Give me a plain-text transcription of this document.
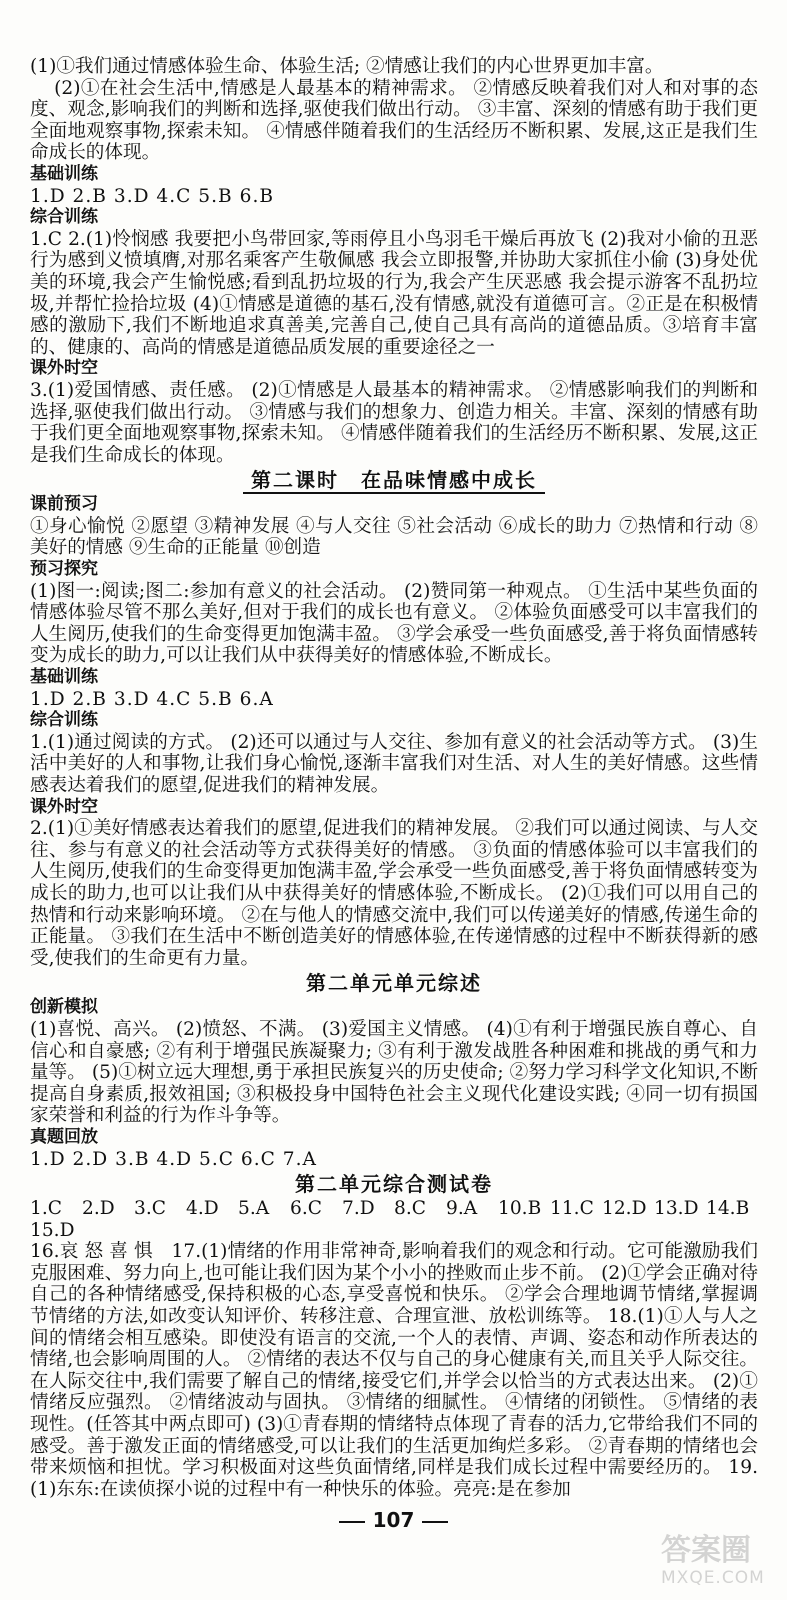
(1)①我们通过情感体验生命、体验生活; ②情感让我们的内心世界更加丰富。

(2)①在社会生活中,情感是人最基本的精神需求。 ②情感反映着我们对人和对事的态度、观念,影响我们的判断和选择,驱使我们做出行动。 ③丰富、深刻的情感有助于我们更全面地观察事物,探索未知。 ④情感伴随着我们的生活经历不断积累、发展,这正是我们生命成长的体现。

基础训练

1.D 2.B 3.D 4.C 5.B 6.B

综合训练

1.C 2.(1)怜悯感 我要把小鸟带回家,等雨停且小鸟羽毛干燥后再放飞 (2)我对小偷的丑恶行为感到义愤填膺,对那名乘客产生敬佩感 我会立即报警,并协助大家抓住小偷 (3)身处优美的环境,我会产生愉悦感;看到乱扔垃圾的行为,我会产生厌恶感 我会提示游客不乱扔垃圾,并帮忙捡拾垃圾 (4)①情感是道德的基石,没有情感,就没有道德可言。②正是在积极情感的激励下,我们不断地追求真善美,完善自己,使自己具有高尚的道德品质。③培育丰富的、健康的、高尚的情感是道德品质发展的重要途径之一

课外时空

3.(1)爱国情感、责任感。 (2)①情感是人最基本的精神需求。 ②情感影响我们的判断和选择,驱使我们做出行动。 ③情感与我们的想象力、创造力相关。丰富、深刻的情感有助于我们更全面地观察事物,探索未知。 ④情感伴随着我们的生活经历不断积累、发展,这正是我们生命成长的体现。

第二课时　在品味情感中成长
课前预习

①身心愉悦 ②愿望 ③精神发展 ④与人交往 ⑤社会活动 ⑥成长的助力 ⑦热情和行动 ⑧美好的情感 ⑨生命的正能量 ⑩创造

预习探究

(1)图一:阅读;图二:参加有意义的社会活动。 (2)赞同第一种观点。 ①生活中某些负面的情感体验尽管不那么美好,但对于我们的成长也有意义。 ②体验负面感受可以丰富我们的人生阅历,使我们的生命变得更加饱满丰盈。 ③学会承受一些负面感受,善于将负面情感转变为成长的助力,可以让我们从中获得美好的情感体验,不断成长。

基础训练

1.D 2.B 3.D 4.C 5.B 6.A

综合训练

1.(1)通过阅读的方式。 (2)还可以通过与人交往、参加有意义的社会活动等方式。 (3)生活中美好的人和事物,让我们身心愉悦,逐渐丰富我们对生活、对人生的美好情感。这些情感表达着我们的愿望,促进我们的精神发展。

课外时空

2.(1)①美好情感表达着我们的愿望,促进我们的精神发展。 ②我们可以通过阅读、与人交往、参与有意义的社会活动等方式获得美好的情感。 ③负面的情感体验可以丰富我们的人生阅历,使我们的生命变得更加饱满丰盈,学会承受一些负面感受,善于将负面情感转变为成长的助力,也可以让我们从中获得美好的情感体验,不断成长。 (2)①我们可以用自己的热情和行动来影响环境。 ②在与他人的情感交流中,我们可以传递美好的情感,传递生命的正能量。 ③我们在生活中不断创造美好的情感体验,在传递情感的过程中不断获得新的感受,使我们的生命更有力量。

第二单元单元综述
创新模拟

(1)喜悦、高兴。 (2)愤怒、不满。 (3)爱国主义情感。 (4)①有利于增强民族自尊心、自信心和自豪感; ②有利于增强民族凝聚力; ③有利于激发战胜各种困难和挑战的勇气和力量等。 (5)①树立远大理想,勇于承担民族复兴的历史使命; ②努力学习科学文化知识,不断提高自身素质,报效祖国; ③积极投身中国特色社会主义现代化建设实践; ④同一切有损国家荣誉和利益的行为作斗争等。

真题回放

1.D 2.D 3.B 4.D 5.C 6.C 7.A

第二单元综合测试卷
1.C	2.D	3.C	4.D	5.A	6.C	7.D	8.C	9.A	10.B 11.C 12.D 13.D 14.B
15.D

16.哀 怒 喜 惧　 17.(1)情绪的作用非常神奇,影响着我们的观念和行动。它可能激励我们克服困难、努力向上,也可能让我们因为某个小小的挫败而止步不前。 (2)①学会正确对待自己的各种情绪感受,保持积极的心态,享受喜悦和快乐。 ②学会合理地调节情绪,掌握调节情绪的方法,如改变认知评价、转移注意、合理宣泄、放松训练等。 18.(1)①人与人之间的情绪会相互感染。即使没有语言的交流,一个人的表情、声调、姿态和动作所表达的情绪,也会影响周围的人。 ②情绪的表达不仅与自己的身心健康有关,而且关乎人际交往。在人际交往中,我们需要了解自己的情绪,接受它们,并学会以恰当的方式表达出来。 (2)①情绪反应强烈。 ②情绪波动与固执。 ③情绪的细腻性。 ④情绪的闭锁性。 ⑤情绪的表现性。(任答其中两点即可) (3)①青春期的情绪特点体现了青春的活力,它带给我们不同的感受。善于激发正面的情绪感受,可以让我们的生活更加绚烂多彩。 ②青春期的情绪也会带来烦恼和担忧。学习积极面对这些负面情绪,同样是我们成长过程中需要经历的。 19.(1)东东:在读侦探小说的过程中有一种快乐的体验。亮亮:是在参加

107
答案圈
MXQE.COM
